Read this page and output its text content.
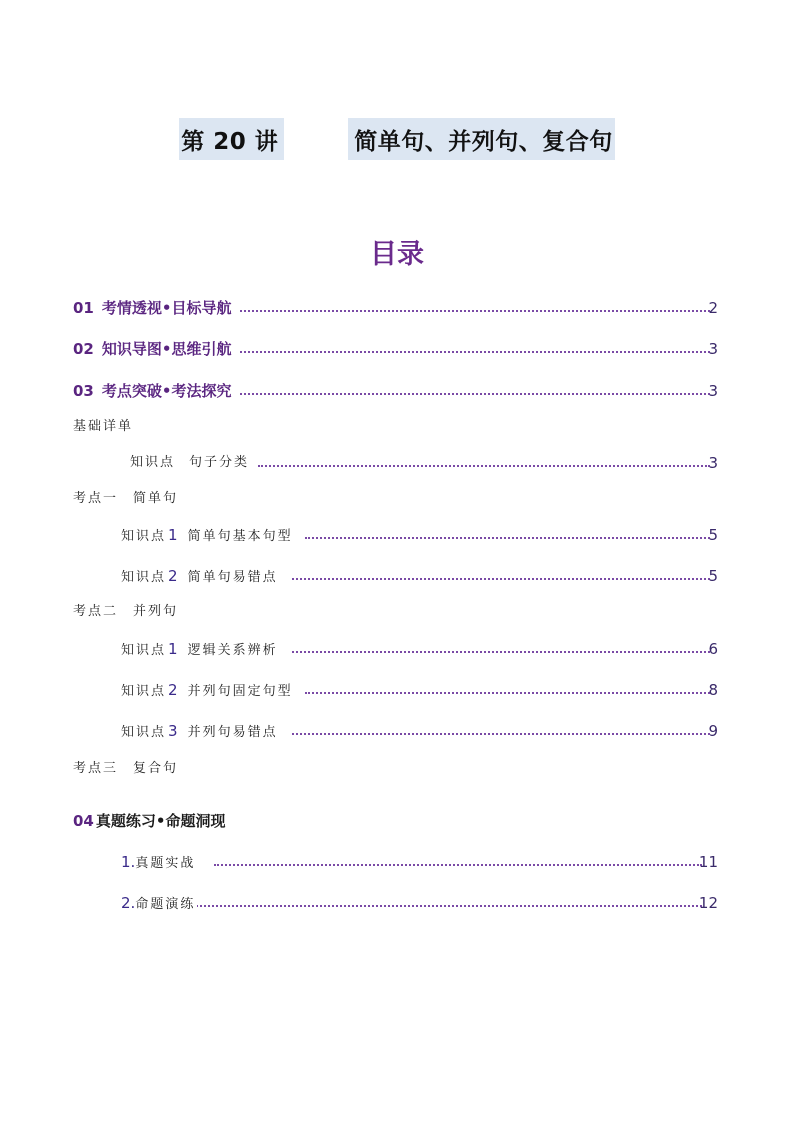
第 20 讲	简单句、并列句、复合句
目录
01 考情透视•目标导航	2
02 知识导图•思维引航	3
03 考点突破•考法探究	3
基础详单
知识点 句子分类	3
考点一　简单句
知识点 1 简单句基本句型	5
知识点 2 简单句易错点	5
考点二　并列句
知识点 1 逻辑关系辨析	6
知识点 2 并列句固定句型	8
知识点 3 并列句易错点	9
考点三　复合句
04 真题练习•命题洞现
1.真题实战	11
2.命题演练	12
